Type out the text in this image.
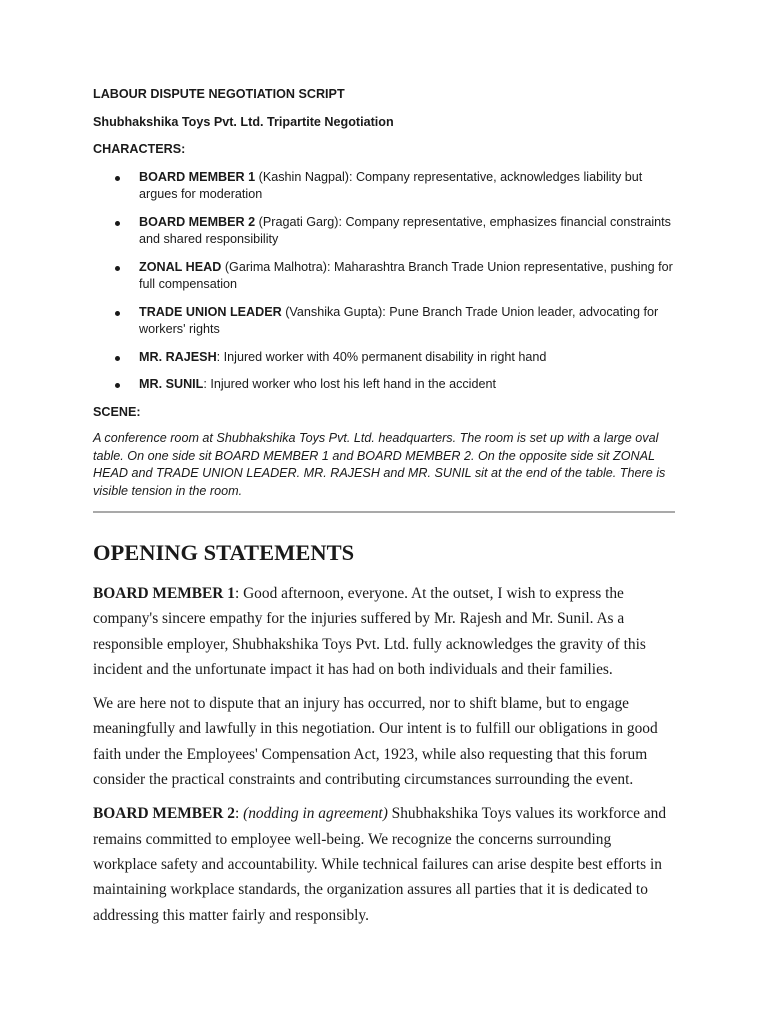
LABOUR DISPUTE NEGOTIATION SCRIPT
Shubhakshika Toys Pvt. Ltd. Tripartite Negotiation
CHARACTERS:
BOARD MEMBER 1 (Kashin Nagpal): Company representative, acknowledges liability but argues for moderation
BOARD MEMBER 2 (Pragati Garg): Company representative, emphasizes financial constraints and shared responsibility
ZONAL HEAD (Garima Malhotra): Maharashtra Branch Trade Union representative, pushing for full compensation
TRADE UNION LEADER (Vanshika Gupta): Pune Branch Trade Union leader, advocating for workers' rights
MR. RAJESH: Injured worker with 40% permanent disability in right hand
MR. SUNIL: Injured worker who lost his left hand in the accident
SCENE:

A conference room at Shubhakshika Toys Pvt. Ltd. headquarters. The room is set up with a large oval table. On one side sit BOARD MEMBER 1 and BOARD MEMBER 2. On the opposite side sit ZONAL HEAD and TRADE UNION LEADER. MR. RAJESH and MR. SUNIL sit at the end of the table. There is visible tension in the room.

OPENING STATEMENTS

BOARD MEMBER 1: Good afternoon, everyone. At the outset, I wish to express the company's sincere empathy for the injuries suffered by Mr. Rajesh and Mr. Sunil. As a responsible employer, Shubhakshika Toys Pvt. Ltd. fully acknowledges the gravity of this incident and the unfortunate impact it has had on both individuals and their families.

We are here not to dispute that an injury has occurred, nor to shift blame, but to engage meaningfully and lawfully in this negotiation. Our intent is to fulfill our obligations in good faith under the Employees' Compensation Act, 1923, while also requesting that this forum consider the practical constraints and contributing circumstances surrounding the event.

BOARD MEMBER 2: (nodding in agreement) Shubhakshika Toys values its workforce and remains committed to employee well-being. We recognize the concerns surrounding workplace safety and accountability. While technical failures can arise despite best efforts in maintaining workplace standards, the organization assures all parties that it is dedicated to addressing this matter fairly and responsibly.
